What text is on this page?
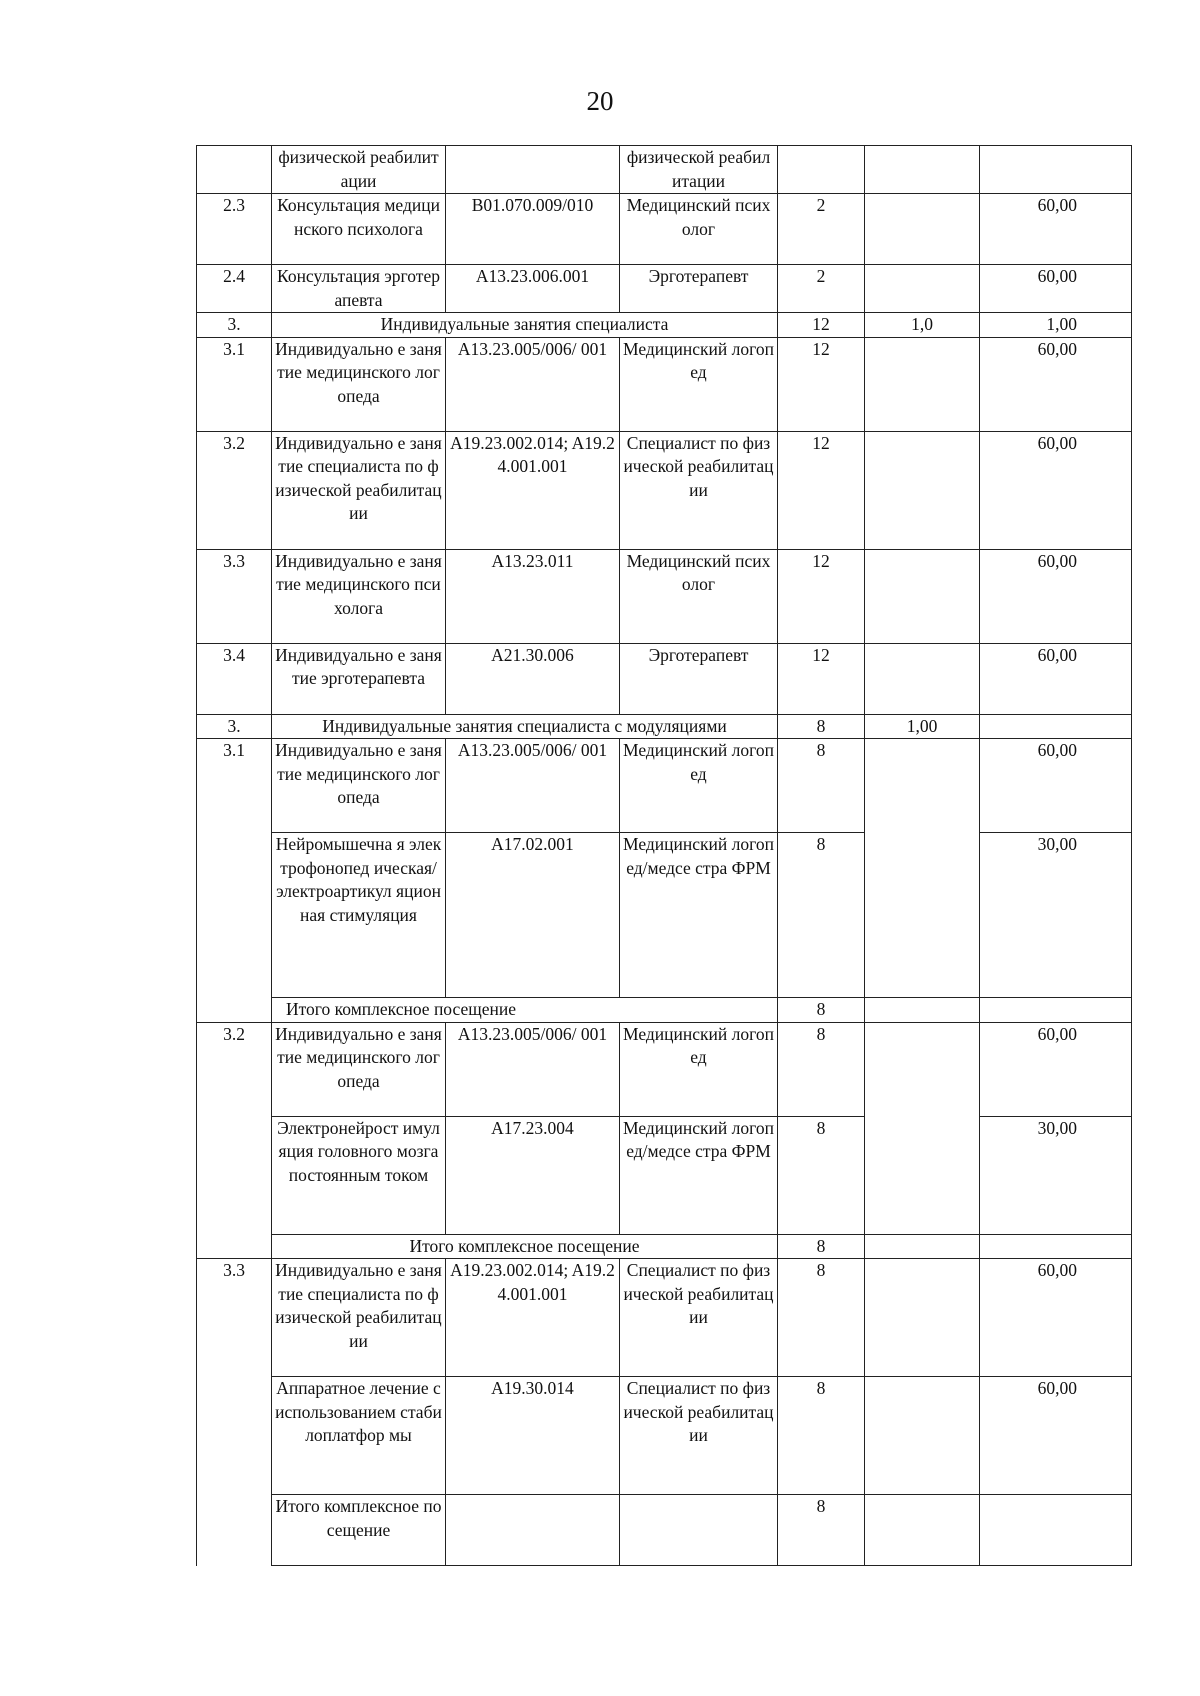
20
	физической реабилитации		физической реабилитации			
2.3	Консультация медицинского психолога	B01.070.009/010	Медицинский психолог	2		60,00
2.4	Консультация эрготерапевта	A13.23.006.001	Эрготерапевт	2		60,00
3.	Индивидуальные занятия специалиста			12	1,0	1,00
3.1	Индивидуально е занятие медицинского логопеда	A13.23.005/006/ 001	Медицинский логопед	12		60,00
3.2	Индивидуально е занятие специалиста по физической реабилитации	A19.23.002.014; A19.24.001.001	Специалист по физической реабилитации	12		60,00
3.3	Индивидуально е занятие медицинского психолога	A13.23.011	Медицинский психолог	12		60,00
3.4	Индивидуально е занятие эрготерапевта	A21.30.006	Эрготерапевт	12		60,00
3.	Индивидуальные занятия специалиста с модуляциями			8	1,00	
3.1	Индивидуально е занятие медицинского логопеда	A13.23.005/006/ 001	Медицинский логопед	8		60,00
	Нейромышечна я электрофонопед ическая/ электроартикул яционная стимуляция	A17.02.001	Медицинский логопед/медсе стра ФРМ	8		30,00
	Итого комплексное посещение			8		
3.2	Индивидуально е занятие медицинского логопеда	A13.23.005/006/ 001	Медицинский логопед	8		60,00
	Электронейрост имуляция головного мозга постоянным током	A17.23.004	Медицинский логопед/медсе стра ФРМ	8		30,00
	Итого комплексное посещение			8		
3.3	Индивидуально е занятие специалиста по физической реабилитации	A19.23.002.014; A19.24.001.001	Специалист по физической реабилитации	8		60,00
	Аппаратное лечение с использованием стабилоплатфор мы	A19.30.014	Специалист по физической реабилитации	8		60,00
	Итого комплексное посещение			8		
